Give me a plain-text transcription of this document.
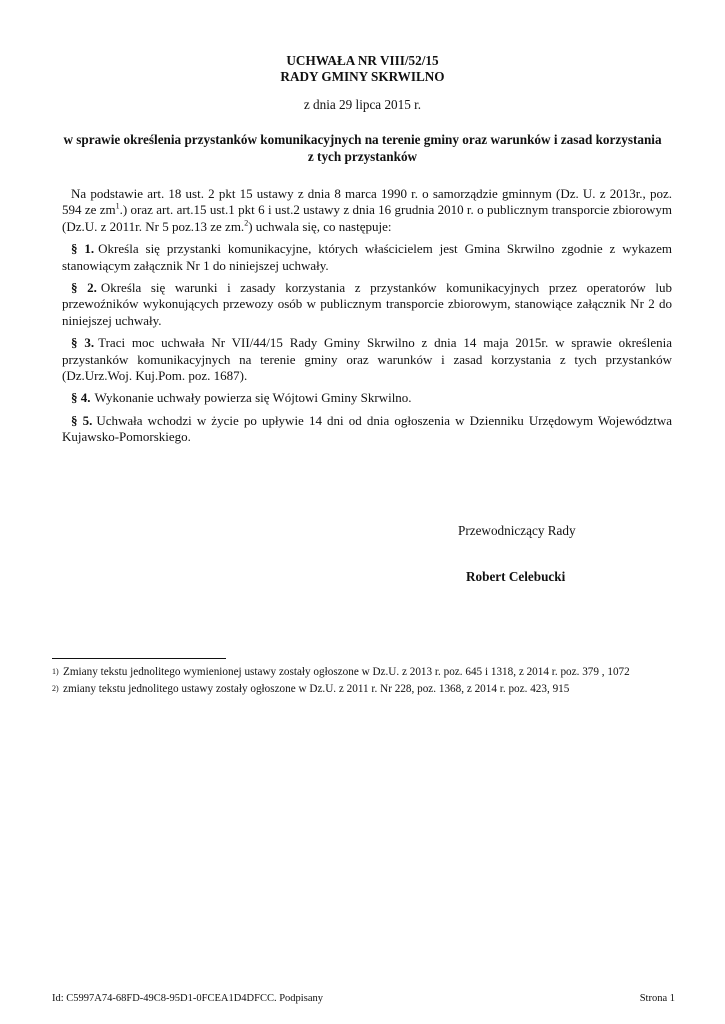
UCHWAŁA NR VIII/52/15
RADY GMINY SKRWILNO
z dnia 29 lipca 2015 r.
w sprawie określenia przystanków komunikacyjnych na terenie gminy oraz warunków i zasad korzystania
z tych przystanków

Na podstawie art. 18 ust. 2 pkt 15 ustawy z dnia 8 marca 1990 r. o samorządzie gminnym (Dz. U. z 2013r., poz. 594 ze $zm^1$.) oraz art. art.15 ust.1 pkt 6 i ust.2 ustawy z dnia 16 grudnia 2010 r. o publicznym transporcie zbiorowym (Dz.U. z 2011r. Nr 5 poz.13 ze zm.$^2$) uchwala się, co następuje:

§ 1. Określa się przystanki komunikacyjne, których właścicielem jest Gmina Skrwilno zgodnie z wykazem stanowiącym załącznik Nr 1 do niniejszej uchwały.

§ 2. Określa się warunki i zasady korzystania z przystanków komunikacyjnych przez operatorów lub przewoźników wykonujących przewozy osób w publicznym transporcie zbiorowym, stanowiące załącznik Nr 2 do niniejszej uchwały.

§ 3. Traci moc uchwała Nr VII/44/15 Rady Gminy Skrwilno z dnia 14 maja 2015r. w sprawie określenia przystanków komunikacyjnych na terenie gminy oraz warunków i zasad korzystania z tych przystanków (Dz.Urz.Woj. Kuj.Pom. poz. 1687).

§ 4. Wykonanie uchwały powierza się Wójtowi Gminy Skrwilno.

§ 5. Uchwała wchodzi w życie po upływie 14 dni od dnia ogłoszenia w Dzienniku Urzędowym Województwa Kujawsko-Pomorskiego.

Przewodniczący Rady
Robert Celebucki
1) Zmiany tekstu jednolitego wymienionej ustawy zostały ogłoszone w Dz.U. z 2013 r. poz. 645 i 1318, z 2014 r. poz. 379 , 1072
2) zmiany tekstu jednolitego ustawy zostały ogłoszone w Dz.U. z 2011 r. Nr 228, poz. 1368, z 2014 r. poz. 423, 915
Id: C5997A74-68FD-49C8-95D1-0FCEA1D4DFCC. Podpisany	Strona 1
